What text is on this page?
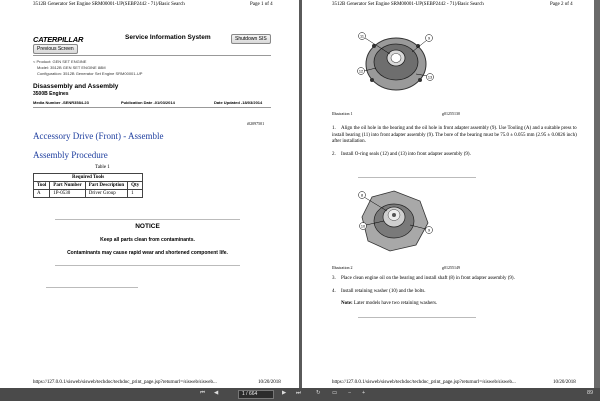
3512B Generator Set Engine SRM00001-UP(SEBP2442 - 71)/Basic Search	Page 1 of 4
CATERPILLAR	Service Information System	Shutdown SIS
Previous Screen
< Product: GEN SET ENGINE
Model: 3512B GEN SET ENGINE 88M
Configuration: 3512B Generator Set Engine SRM00001-UP
Disassembly and Assembly
3500B Engines
Media Number -SENR3584-23	Publication Date -01/03/2014	Date Updated -18/03/2014
i02097501
Accessory Drive (Front) - Assemble
Assembly Procedure
Table 1
Required Tools			
Tool	Part Number	Part Description	Qty
A	1P-0530	Driver Group	1
NOTICE
Keep all parts clean from contaminants.
Contaminants may cause rapid wear and shortened component life.
https://127.0.0.1/sisweb/sisweb/techdoc/techdoc_print_page.jsp?returnurl=/sisweb/sisweb...	10/20/2018
3512B Generator Set Engine SRM00001-UP(SEBP2442 - 71)/Basic Search	Page 2 of 4
11	9
12
13
Illustration 1	g01255130
1. Align the oil hole in the bearing and the oil hole in front adapter assembly (9). Use Tooling (A) and a suitable press to install bearing (11) into front adapter assembly (9). The bore of the bearing must be 75.0 ± 0.055 mm (2.95 ± 0.0026 inch) after installation.
2. Install O-ring seals (12) and (13) into front adapter assembly (9).
8
10
9
Illustration 2	g01255149
3. Place clean engine oil on the bearing and install shaft (8) in front adapter assembly (9).
4. Install retaining washer (10) and the bolts.
Note: Later models have two retaining washers.
https://127.0.0.1/sisweb/sisweb/techdoc/techdoc_print_page.jsp?returnurl=/sisweb/sisweb...	10/20/2018
⏮ ◀	1 / 664	▶ ⏭	↻ ▭ − +	89
